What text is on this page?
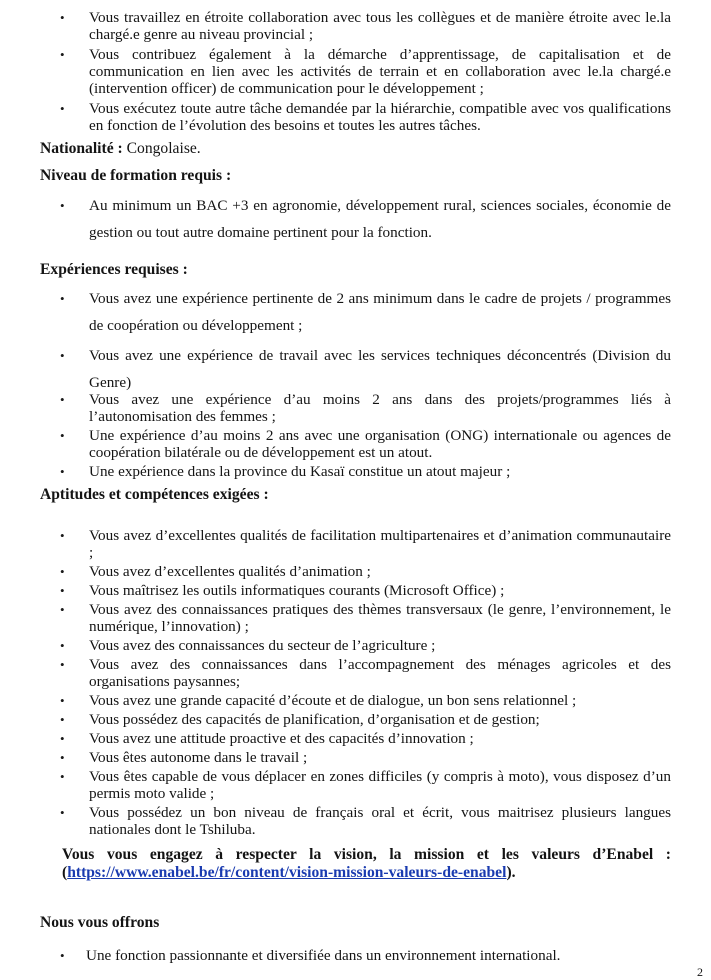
• Vous travaillez en étroite collaboration avec tous les collègues et de manière étroite avec le.la chargé.e genre au niveau provincial ;
• Vous contribuez également à la démarche d’apprentissage, de capitalisation et de communication en lien avec les activités de terrain et en collaboration avec le.la chargé.e (intervention officer) de communication pour le développement ;
• Vous exécutez toute autre tâche demandée par la hiérarchie, compatible avec vos qualifications en fonction de l’évolution des besoins et toutes les autres tâches.
Nationalité : Congolaise.
Niveau de formation requis :
• Au minimum un BAC +3 en agronomie, développement rural, sciences sociales, économie de gestion ou tout autre domaine pertinent pour la fonction.
Expériences requises :
• Vous avez une expérience pertinente de 2 ans minimum dans le cadre de projets / programmes de coopération ou développement ;
• Vous avez une expérience de travail avec les services techniques déconcentrés (Division du Genre)
• Vous avez une expérience d’au moins 2 ans dans des projets/programmes liés à l’autonomisation des femmes ;
• Une expérience d’au moins 2 ans avec une organisation (ONG) internationale ou agences de coopération bilatérale ou de développement est un atout.
• Une expérience dans la province du Kasaï constitue un atout majeur ;
Aptitudes et compétences exigées :
• Vous avez d’excellentes qualités de facilitation multipartenaires et d’animation communautaire ;
• Vous avez d’excellentes qualités d’animation ;
• Vous maîtrisez les outils informatiques courants (Microsoft Office) ;
• Vous avez des connaissances pratiques des thèmes transversaux (le genre, l’environnement, le numérique, l’innovation) ;
• Vous avez des connaissances du secteur de l’agriculture ;
• Vous avez des connaissances dans l’accompagnement des ménages agricoles et des organisations paysannes;
• Vous avez une grande capacité d’écoute et de dialogue, un bon sens relationnel ;
• Vous possédez des capacités de planification, d’organisation et de gestion;
• Vous avez une attitude proactive et des capacités d’innovation ;
• Vous êtes autonome dans le travail ;
• Vous êtes capable de vous déplacer en zones difficiles (y compris à moto), vous disposez d’un permis moto valide ;
• Vous possédez un bon niveau de français oral et écrit, vous maitrisez plusieurs langues nationales dont le Tshiluba.
Vous vous engagez à respecter la vision, la mission et les valeurs d’Enabel :(https://www.enabel.be/fr/content/vision-mission-valeurs-de-enabel).
Nous vous offrons
• Une fonction passionnante et diversifiée dans un environnement international.
2
